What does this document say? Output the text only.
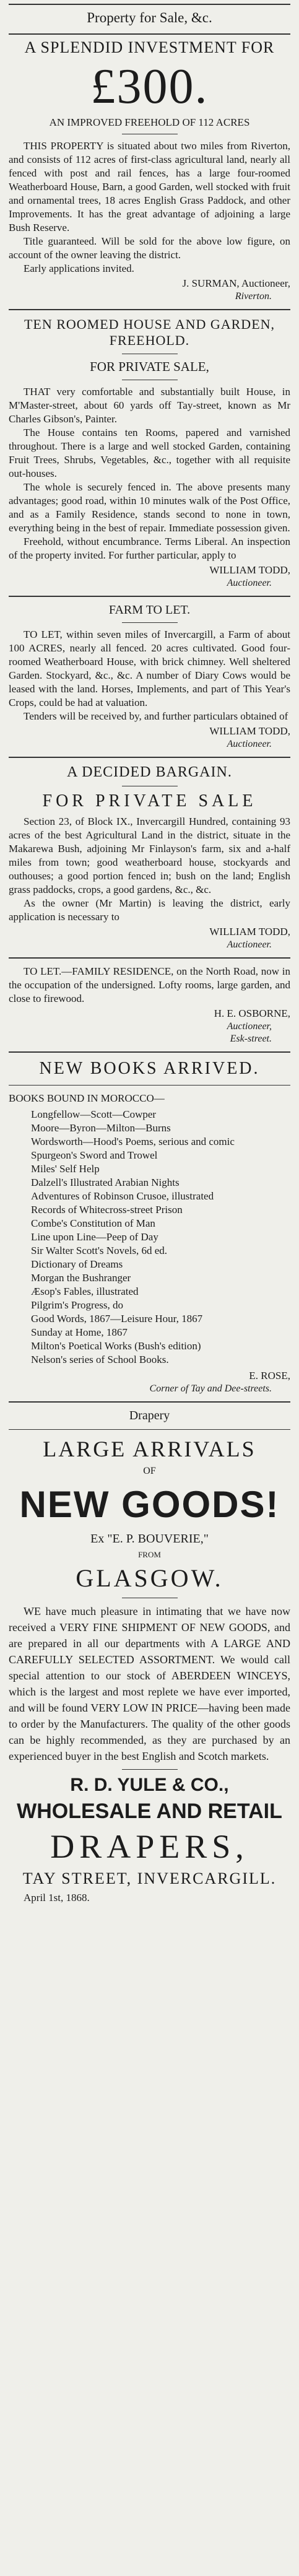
Property for Sale, &c.
A SPLENDID INVESTMENT FOR
£300.
AN IMPROVED FREEHOLD OF 112 ACRES

THIS PROPERTY is situated about two miles from Riverton, and consists of 112 acres of first-class agricultural land, nearly all fenced with post and rail fences, has a large four-roomed Weatherboard House, Barn, a good Garden, well stocked with fruit and ornamental trees, 18 acres English Grass Paddock, and other Improvements. It has the great advantage of adjoining a large Bush Reserve.

Title guaranteed. Will be sold for the above low figure, on account of the owner leaving the district.

Early applications invited.

J. SURMAN, Auctioneer,

Riverton.

TEN ROOMED HOUSE AND GARDEN, FREEHOLD.
FOR PRIVATE SALE,

THAT very comfortable and substantially built House, in M'Master-street, about 60 yards off Tay-street, known as Mr Charles Gibson's, Painter.

The House contains ten Rooms, papered and varnished throughout. There is a large and well stocked Garden, containing Fruit Trees, Shrubs, Vegetables, &c., together with all requisite out-houses.

The whole is securely fenced in. The above presents many advantages; good road, within 10 minutes walk of the Post Office, and as a Family Residence, stands second to none in town, everything being in the best of repair. Immediate possession given.

Freehold, without encumbrance. Terms Liberal. An inspection of the property invited. For further particular, apply to

WILLIAM TODD,

Auctioneer.

FARM TO LET.

TO LET, within seven miles of Invercargill, a Farm of about 100 ACRES, nearly all fenced. 20 acres cultivated. Good four-roomed Weatherboard House, with brick chimney. Well sheltered Garden. Stockyard, &c., &c. A number of Diary Cows would be leased with the land. Horses, Implements, and part of This Year's Crops, could be had at valuation.

Tenders will be received by, and further particulars obtained of

WILLIAM TODD,

Auctioneer.

A DECIDED BARGAIN.
FOR PRIVATE SALE

Section 23, of Block IX., Invercargill Hundred, containing 93 acres of the best Agricultural Land in the district, situate in the Makarewa Bush, adjoining Mr Finlayson's farm, six and a-half miles from town; good weatherboard house, stockyards and outhouses; a good portion fenced in; bush on the land; English grass paddocks, crops, a good gardens, &c., &c.

As the owner (Mr Martin) is leaving the district, early application is necessary to

WILLIAM TODD,

Auctioneer.

TO LET.—FAMILY RESIDENCE, on the North Road, now in the occupation of the undersigned. Lofty rooms, large garden, and close to firewood.

H. E. OSBORNE,

Auctioneer,

Esk-street.

NEW BOOKS ARRIVED.

BOOKS BOUND IN MOROCCO—

Longfellow—Scott—Cowper
Moore—Byron—Milton—Burns
Wordsworth—Hood's Poems, serious and comic
Spurgeon's Sword and Trowel
Miles' Self Help
Dalzell's Illustrated Arabian Nights
Adventures of Robinson Crusoe, illustrated
Records of Whitecross-street Prison
Combe's Constitution of Man
Line upon Line—Peep of Day
Sir Walter Scott's Novels, 6d ed.
Dictionary of Dreams
Morgan the Bushranger
Æsop's Fables, illustrated
Pilgrim's Progress, do
Good Words, 1867—Leisure Hour, 1867
Sunday at Home, 1867
Milton's Poetical Works (Bush's edition)
Nelson's series of School Books.

E. ROSE,

Corner of Tay and Dee-streets.

Drapery
LARGE ARRIVALS
OF
NEW GOODS!
Ex "E. P. BOUVERIE,"
FROM
GLASGOW.

WE have much pleasure in intimating that we have now received a VERY FINE SHIPMENT OF NEW GOODS, and are prepared in all our departments with A LARGE AND CAREFULLY SELECTED ASSORTMENT. We would call special attention to our stock of ABERDEEN WINCEYS, which is the largest and most replete we have ever imported, and will be found VERY LOW IN PRICE—having been made to order by the Manufacturers. The quality of the other goods can be highly recommended, as they are purchased by an experienced buyer in the best English and Scotch markets.

R. D. YULE & CO.,
WHOLESALE AND RETAIL
DRAPERS,
TAY STREET, INVERCARGILL.

April 1st, 1868.
